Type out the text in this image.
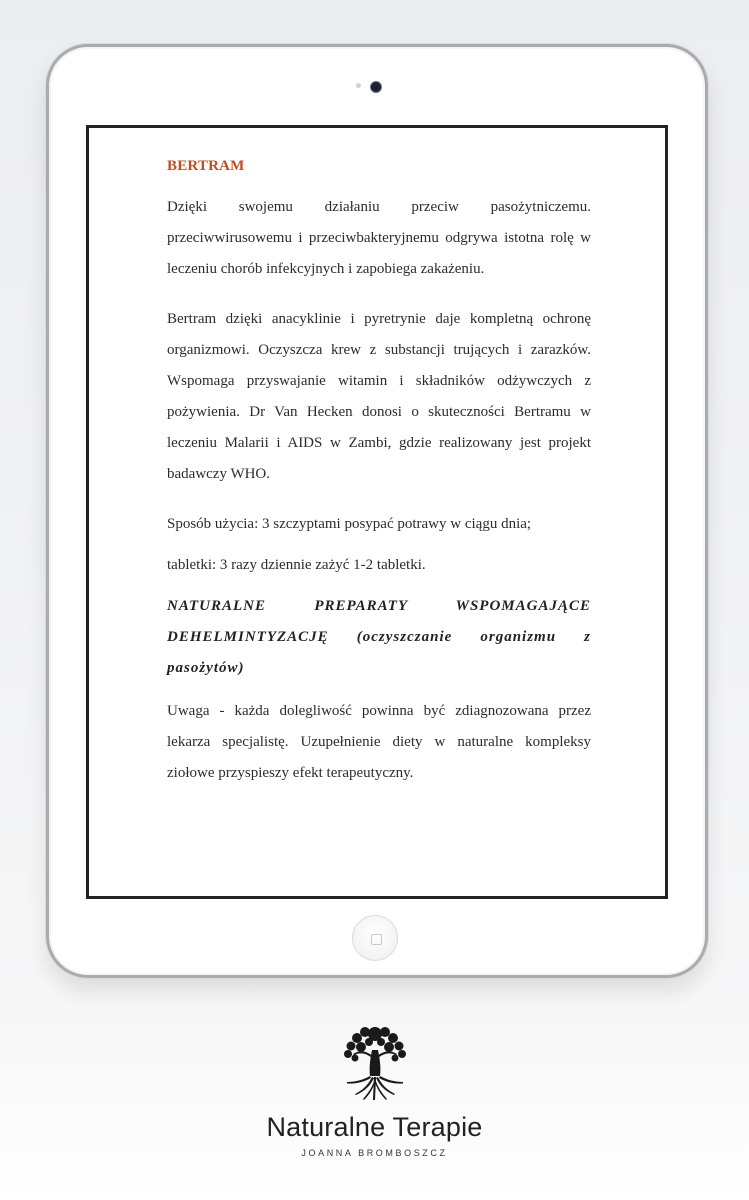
BERTRAM

Dzięki swojemu działaniu przeciw pasożytniczemu. przeciwwirusowemu i przeciwbakteryjnemu odgrywa istotna rolę w leczeniu chorób infekcyjnych i zapobiega zakażeniu.

Bertram dzięki anacyklinie i pyretrynie daje kompletną ochronę organizmowi. Oczyszcza krew z substancji trujących i zarazków. Wspomaga przyswajanie witamin i składników odżywczych z pożywienia. Dr Van Hecken donosi o skuteczności Bertramu w leczeniu Malarii i AIDS w Zambi, gdzie realizowany jest projekt badawczy WHO.

Sposób użycia: 3 szczyptami posypać potrawy w ciągu dnia;

tabletki: 3 razy dziennie zażyć 1-2 tabletki.

NATURALNE PREPARATY WSPOMAGAJĄCE DEHELMINTYZACJĘ (oczyszczanie organizmu z pasożytów)

Uwaga - każda dolegliwość powinna być zdiagnozowana przez lekarza specjalistę. Uzupełnienie diety w naturalne kompleksy ziołowe przyspieszy efekt terapeutyczny.

Naturalne Terapie
JOANNA BROMBOSZCZ
